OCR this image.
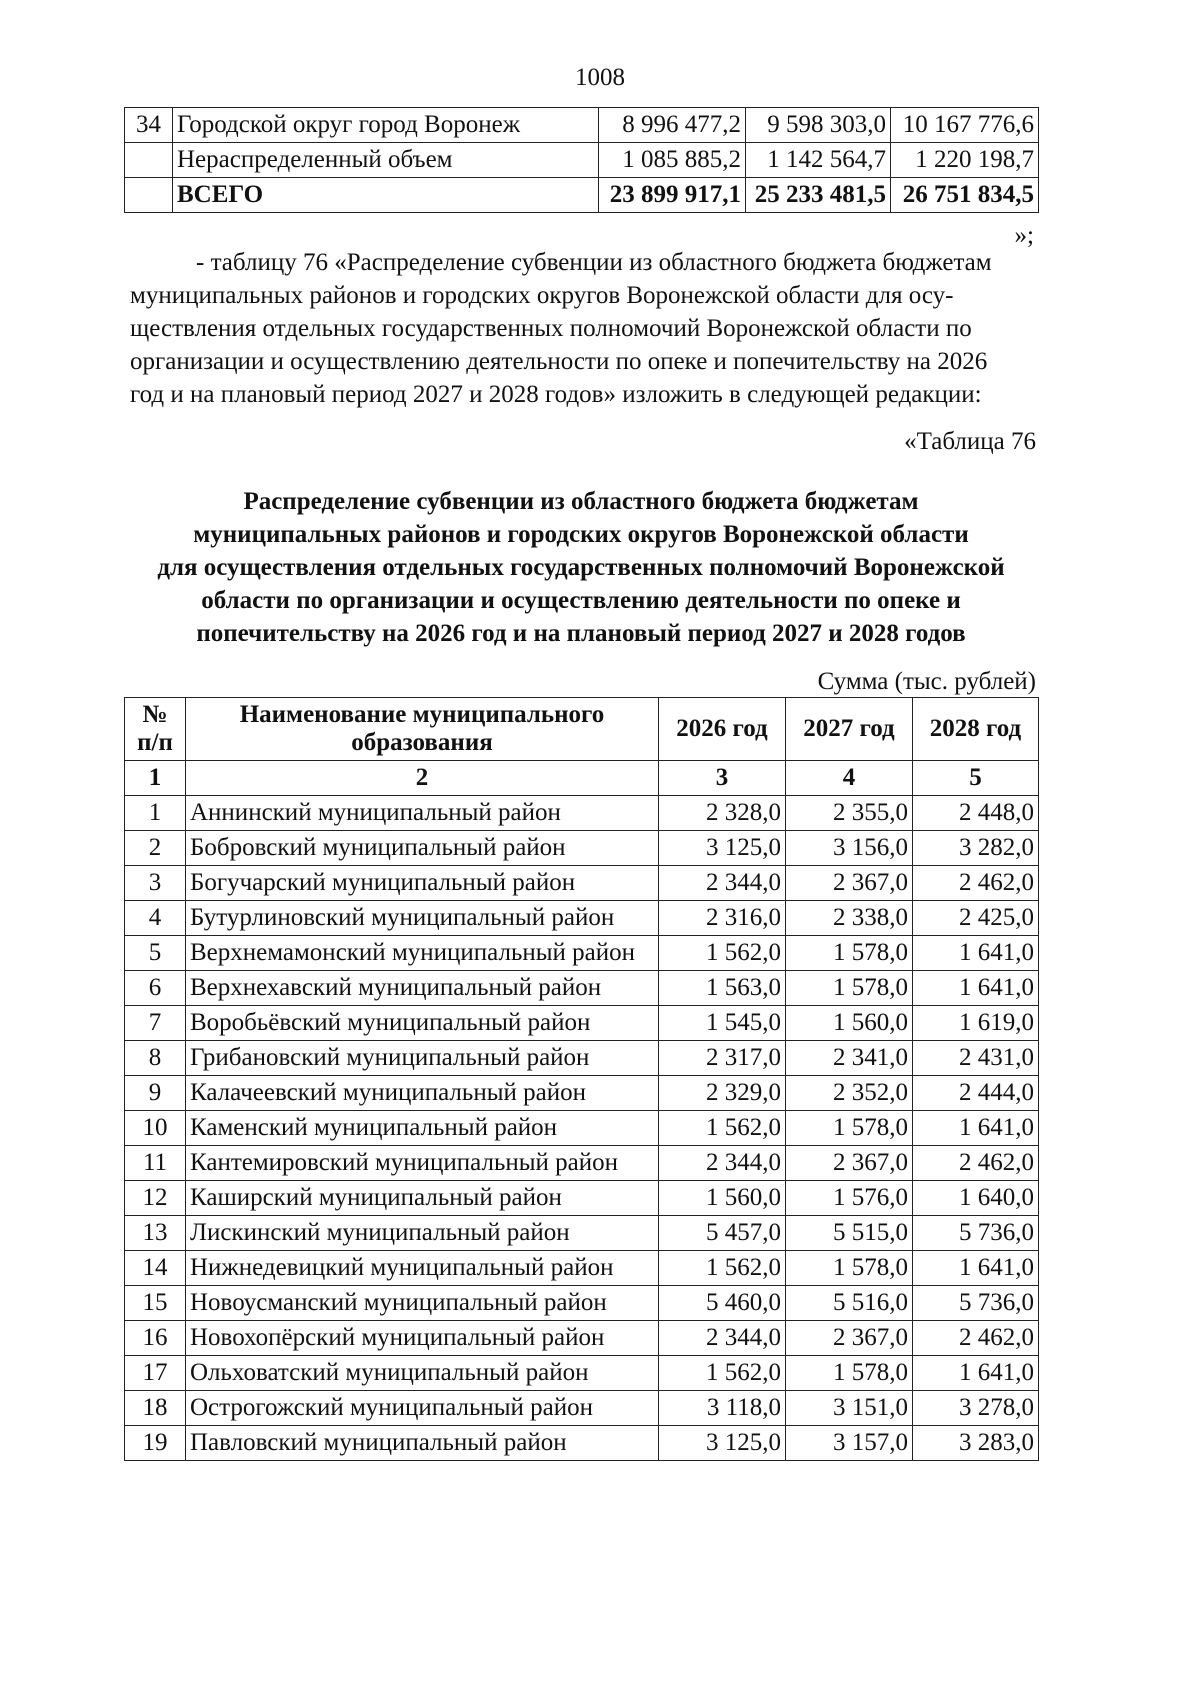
1008
34	Городской округ город Воронеж	8 996 477,2	9 598 303,0	10 167 776,6
	Нераспределенный объем	1 085 885,2	1 142 564,7	1 220 198,7
	ВСЕГО	23 899 917,1	25 233 481,5	26 751 834,5
»;
- таблицу 76 «Распределение субвенции из областного бюджета бюджетам
муниципальных районов и городских округов Воронежской области для осу-
ществления отдельных государственных полномочий Воронежской области по
организации и осуществлению деятельности по опеке и попечительству на 2026
год и на плановый период 2027 и 2028 годов» изложить в следующей редакции:
«Таблица 76
Распределение субвенции из областного бюджета бюджетам
муниципальных районов и городских округов Воронежской области
для осуществления отдельных государственных полномочий Воронежской
области по организации и осуществлению деятельности по опеке и
попечительству на 2026 год и на плановый период 2027 и 2028 годов
Сумма (тыс. рублей)
№ п/п	Наименование муниципального образования	2026 год	2027 год	2028 год
1	2	3	4	5
1	Аннинский муниципальный район	2 328,0	2 355,0	2 448,0
2	Бобровский муниципальный район	3 125,0	3 156,0	3 282,0
3	Богучарский муниципальный район	2 344,0	2 367,0	2 462,0
4	Бутурлиновский муниципальный район	2 316,0	2 338,0	2 425,0
5	Верхнемамонский муниципальный район	1 562,0	1 578,0	1 641,0
6	Верхнехавский муниципальный район	1 563,0	1 578,0	1 641,0
7	Воробьёвский муниципальный район	1 545,0	1 560,0	1 619,0
8	Грибановский муниципальный район	2 317,0	2 341,0	2 431,0
9	Калачеевский муниципальный район	2 329,0	2 352,0	2 444,0
10	Каменский муниципальный район	1 562,0	1 578,0	1 641,0
11	Кантемировский муниципальный район	2 344,0	2 367,0	2 462,0
12	Каширский муниципальный район	1 560,0	1 576,0	1 640,0
13	Лискинский муниципальный район	5 457,0	5 515,0	5 736,0
14	Нижнедевицкий муниципальный район	1 562,0	1 578,0	1 641,0
15	Новоусманский муниципальный район	5 460,0	5 516,0	5 736,0
16	Новохопёрский муниципальный район	2 344,0	2 367,0	2 462,0
17	Ольховатский муниципальный район	1 562,0	1 578,0	1 641,0
18	Острогожский муниципальный район	3 118,0	3 151,0	3 278,0
19	Павловский муниципальный район	3 125,0	3 157,0	3 283,0
